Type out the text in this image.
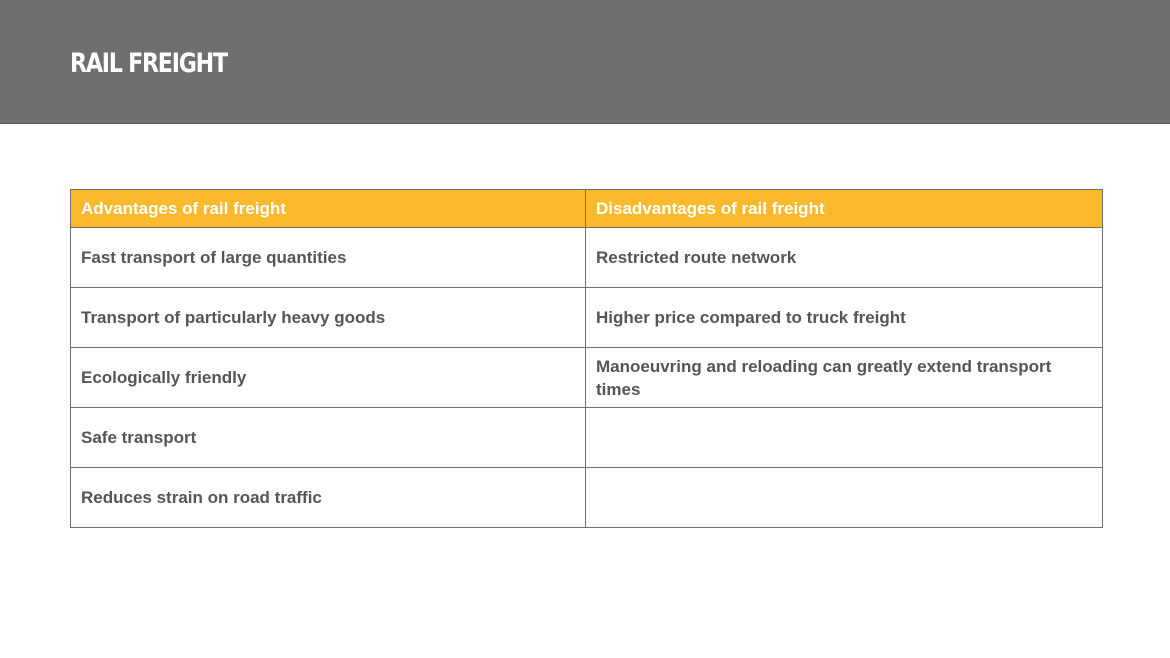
RAIL FREIGHT
Advantages of rail freight	Disadvantages of rail freight
Fast transport of large quantities	Restricted route network
Transport of particularly heavy goods	Higher price compared to truck freight
Ecologically friendly	Manoeuvring and reloading can greatly extend transport times
Safe transport	
Reduces strain on road traffic	
